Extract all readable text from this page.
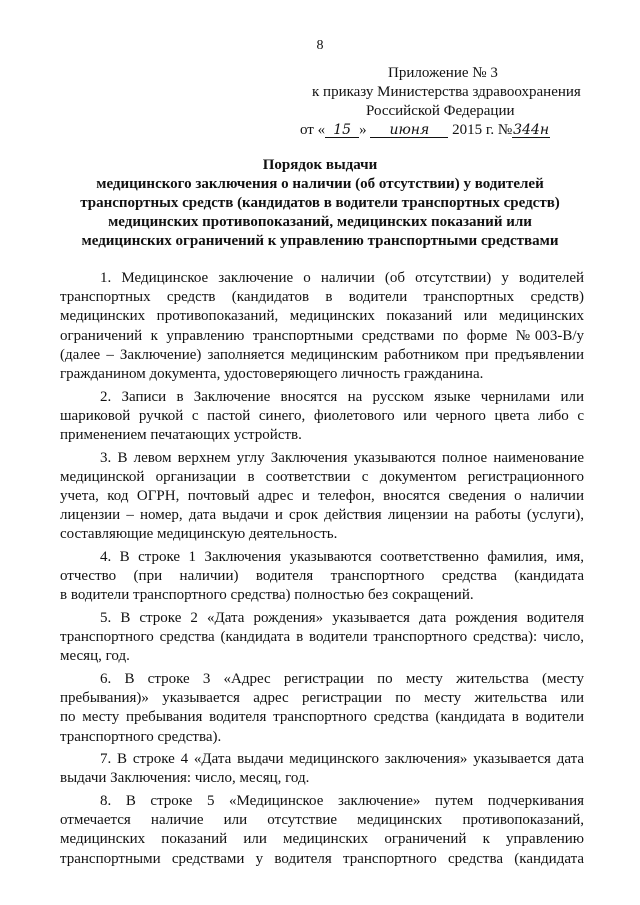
8
Приложение № 3
к приказу Министерства здравоохранения
Российской Федерации
от « 15 » июня 2015 г. №344н
Порядок выдачи
медицинского заключения о наличии (об отсутствии) у водителей
транспортных средств (кандидатов в водители транспортных средств)
медицинских противопоказаний, медицинских показаний или
медицинских ограничений к управлению транспортными средствами
1. Медицинское заключение о наличии (об отсутствии) у водителей
транспортных средств (кандидатов в водители транспортных средств)
медицинских противопоказаний, медицинских показаний или медицинских
ограничений к управлению транспортными средствами по форме №003-В/у
(далее – Заключение) заполняется медицинским работником при предъявлении
гражданином документа, удостоверяющего личность гражданина.
2. Записи в Заключение вносятся на русском языке чернилами или
шариковой ручкой с пастой синего, фиолетового или черного цвета либо с
применением печатающих устройств.
3. В левом верхнем углу Заключения указываются полное наименование
медицинской организации в соответствии с документом регистрационного
учета, код ОГРН, почтовый адрес и телефон, вносятся сведения о наличии
лицензии – номер, дата выдачи и срок действия лицензии на работы (услуги),
составляющие медицинскую деятельность.
4. В строке 1 Заключения указываются соответственно фамилия, имя,
отчество (при наличии) водителя транспортного средства (кандидата
в водители транспортного средства) полностью без сокращений.
5. В строке 2 «Дата рождения» указывается дата рождения водителя
транспортного средства (кандидата в водители транспортного средства): число,
месяц, год.
6. В строке 3 «Адрес регистрации по месту жительства (месту
пребывания)» указывается адрес регистрации по месту жительства или
по месту пребывания водителя транспортного средства (кандидата в водители
транспортного средства).
7. В строке 4 «Дата выдачи медицинского заключения» указывается дата
выдачи Заключения: число, месяц, год.
8. В строке 5 «Медицинское заключение» путем подчеркивания
отмечается наличие или отсутствие медицинских противопоказаний,
медицинских показаний или медицинских ограничений к управлению
транспортными средствами у водителя транспортного средства (кандидата
